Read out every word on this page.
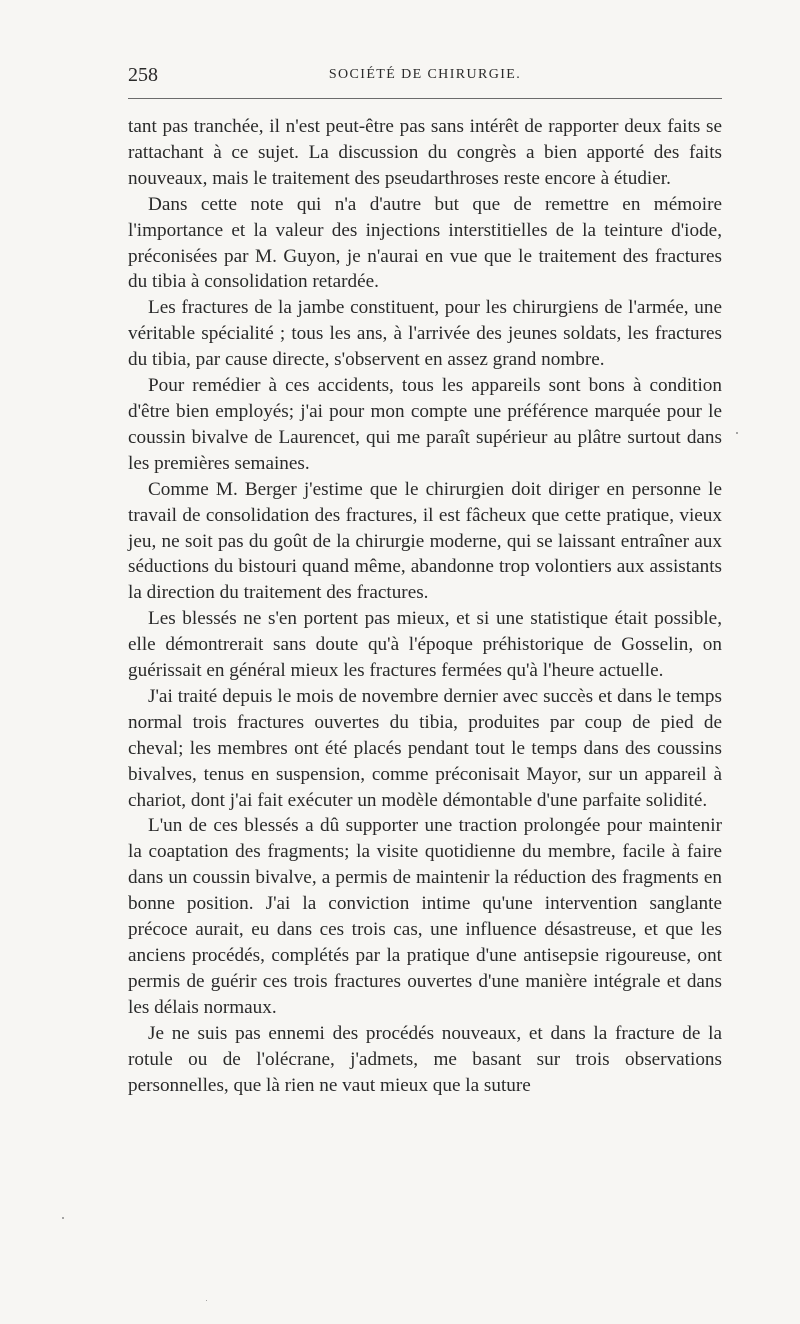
258	SOCIÉTÉ DE CHIRURGIE.

tant pas tranchée, il n'est peut-être pas sans intérêt de rapporter deux faits se rattachant à ce sujet. La discussion du congrès a bien apporté des faits nouveaux, mais le traitement des pseudarthroses reste encore à étudier.

Dans cette note qui n'a d'autre but que de remettre en mémoire l'importance et la valeur des injections interstitielles de la teinture d'iode, préconisées par M. Guyon, je n'aurai en vue que le traitement des fractures du tibia à consolidation retardée.

Les fractures de la jambe constituent, pour les chirurgiens de l'armée, une véritable spécialité ; tous les ans, à l'arrivée des jeunes soldats, les fractures du tibia, par cause directe, s'observent en assez grand nombre.

Pour remédier à ces accidents, tous les appareils sont bons à condition d'être bien employés; j'ai pour mon compte une préférence marquée pour le coussin bivalve de Laurencet, qui me paraît supérieur au plâtre surtout dans les premières semaines.

Comme M. Berger j'estime que le chirurgien doit diriger en personne le travail de consolidation des fractures, il est fâcheux que cette pratique, vieux jeu, ne soit pas du goût de la chirurgie moderne, qui se laissant entraîner aux séductions du bistouri quand même, abandonne trop volontiers aux assistants la direction du traitement des fractures.

Les blessés ne s'en portent pas mieux, et si une statistique était possible, elle démontrerait sans doute qu'à l'époque préhistorique de Gosselin, on guérissait en général mieux les fractures fermées qu'à l'heure actuelle.

J'ai traité depuis le mois de novembre dernier avec succès et dans le temps normal trois fractures ouvertes du tibia, produites par coup de pied de cheval; les membres ont été placés pendant tout le temps dans des coussins bivalves, tenus en suspension, comme préconisait Mayor, sur un appareil à chariot, dont j'ai fait exécuter un modèle démontable d'une parfaite solidité.

L'un de ces blessés a dû supporter une traction prolongée pour maintenir la coaptation des fragments; la visite quotidienne du membre, facile à faire dans un coussin bivalve, a permis de maintenir la réduction des fragments en bonne position. J'ai la conviction intime qu'une intervention sanglante précoce aurait, eu dans ces trois cas, une influence désastreuse, et que les anciens procédés, complétés par la pratique d'une antisepsie rigoureuse, ont permis de guérir ces trois fractures ouvertes d'une manière intégrale et dans les délais normaux.

Je ne suis pas ennemi des procédés nouveaux, et dans la fracture de la rotule ou de l'olécrane, j'admets, me basant sur trois observations personnelles, que là rien ne vaut mieux que la suture
